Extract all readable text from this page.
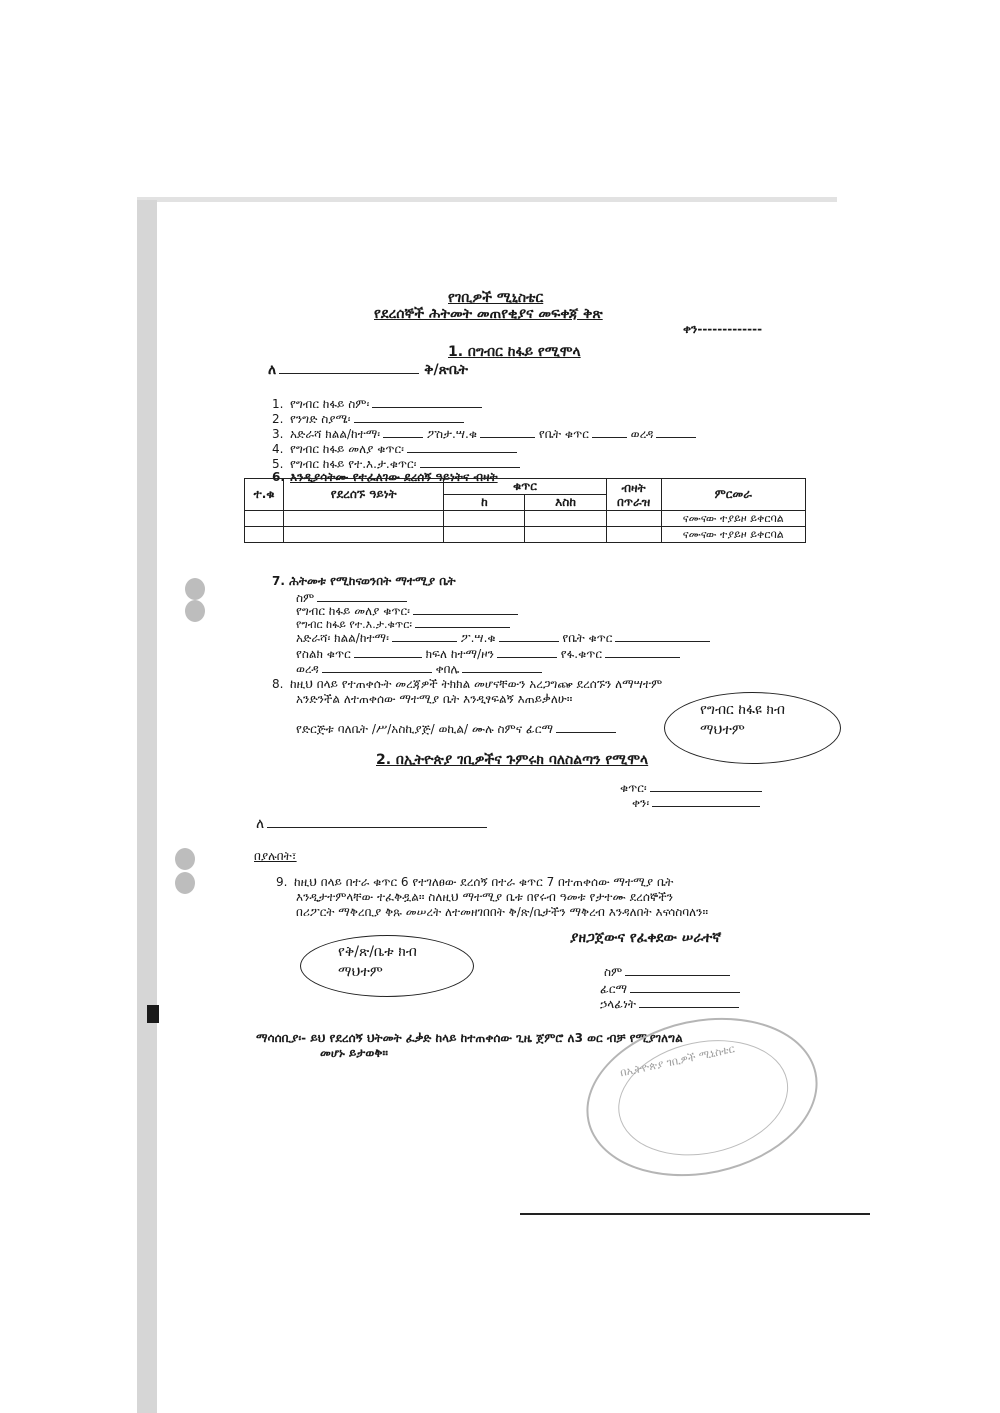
የገቢዎች ሚኒስቴር
የደረሰኞች ሕትመት መጠየቂያና መፍቀጃ ቅጽ
ቀን-------------
1. በግብር ከፋይ የሚሞላ
ለ	ቅ/ጽቤት
1. የግብር ከፋይ ስም፡
2. የንግድ ስያሜ፡
3. አድራሻ ክልል/ከተማ፡	ፖስታ.ሣ.ቁ	የቤት ቁጥር	ወረዳ
4. የግብር ከፋይ መለያ ቁጥር፡
5. የግብር ከፋይ የተ.እ.ታ.ቁጥር፡
6. እንዲያሳትሙ የተፈለገው ደረሰኝ ዓይነትና ብዛት
ተ.ቁ	የደረሰኙ ዓይነት	ቁጥር		ብዛት በጥራዝ	ምርመራ
		ከ	እስከ		
					ናሙናው ተያይዞ ይቀርባል
					ናሙናው ተያይዞ ይቀርባል
7. ሕትመቱ የሚከናወንበት ማተሚያ ቤት
ስም
የግብር ከፋይ መለያ ቁጥር፡
የግብር ከፋይ የተ.እ.ታ.ቁጥር፡
አድራሻ፡ ክልል/ከተማ፡	ፖ.ሣ.ቁ	የቤት ቁጥር
የስልክ ቁጥር	ክፍለ ከተማ/ዞን	የፋ.ቁጥር
ወረዳ	ቀበሌ
8. ከዚህ በላይ የተጠቀሱት መረጃዎች ትክክል መሆናቸውን አረጋግጬ ደረሰኙን ለማሣተም
አንድንችል ለተጠቀሰው ማተሚያ ቤት እንዲፃፍልኝ እጠይቃለሁ።
የድርጅቱ ባለቤት /ሥ/አስኪያጅ/ ወኪል/ ሙሉ ስምና ፊርማ
የግብር ከፋዩ ክብ
ማህተም
2. በኢትዮጵያ ገቢዎችና ጉምሩክ ባለስልጣን የሚሞላ
ቁጥር፡
ቀን፡
ለ
በያሉበት፣
9. ከዚህ በላይ በተራ ቁጥር 6 የተገለፀው ደረሰኝ በተራ ቁጥር 7 በተጠቀሰው ማተሚያ ቤት
እንዲታተምላቸው ተፈቅዷል። ስለዚህ ማተሚያ ቤቱ በየሩብ ዓመቱ የታተሙ ደረሰኞችን
በሪፖርት ማቅረቢያ ቅጹ መሠረት ለተመዘገበበት ቅ/ጽ/ቤታችን ማቅረብ እንዳለበት እናሳስባለን።
የቅ/ጽ/ቤቱ ክብ
ማህተም
ያዘጋጀውና የፈቀደው ሠራተኛ
ስም
ፊርማ
ኃላፊነት
ማሳሰቢያ፡- ይህ የደረሰኝ ህትመት ፈቃድ ከላይ ከተጠቀሰው ጊዜ ጀምሮ ለ3 ወር ብቻ የሚያገለግል
መሆኑ ይታወቅ።	በኢትዮጵያ ገቢዎች ሚኒስቴር
